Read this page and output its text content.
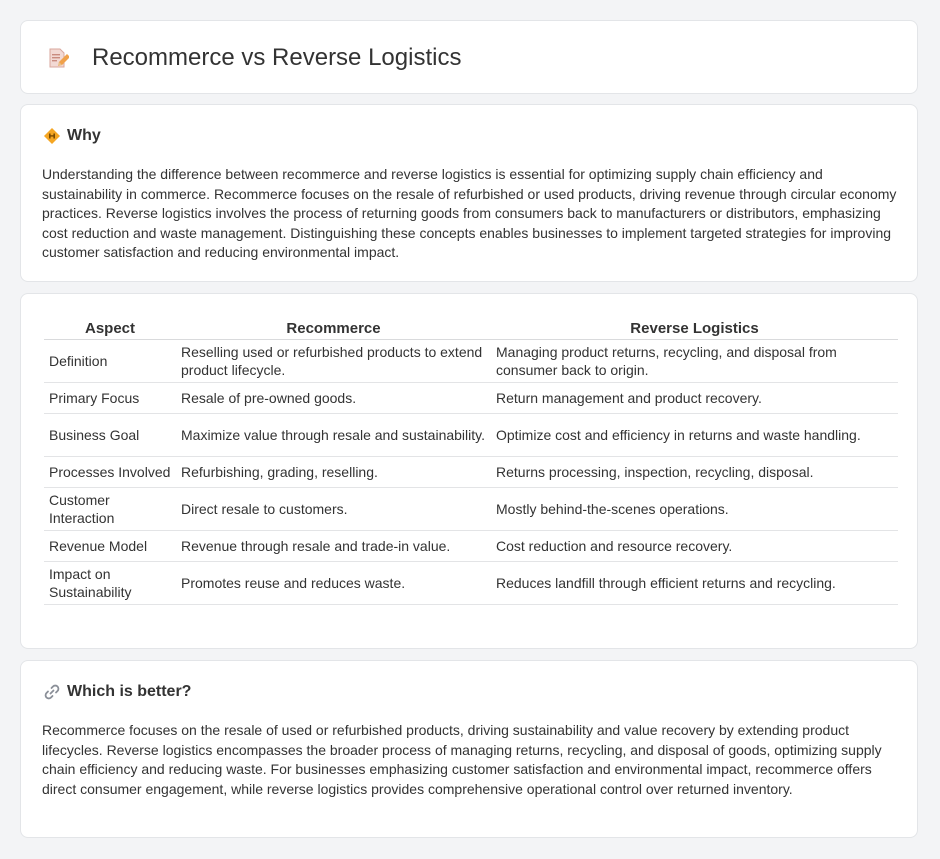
Recommerce vs Reverse Logistics
Why
Understanding the difference between recommerce and reverse logistics is essential for optimizing supply chain efficiency and sustainability in commerce. Recommerce focuses on the resale of refurbished or used products, driving revenue through circular economy practices. Reverse logistics involves the process of returning goods from consumers back to manufacturers or distributors, emphasizing cost reduction and waste management. Distinguishing these concepts enables businesses to implement targeted strategies for improving customer satisfaction and reducing environmental impact.
Aspect	Recommerce	Reverse Logistics
Definition	Reselling used or refurbished products to extend product lifecycle.	Managing product returns, recycling, and disposal from consumer back to origin.
Primary Focus	Resale of pre-owned goods.	Return management and product recovery.
Business Goal	Maximize value through resale and sustainability.	Optimize cost and efficiency in returns and waste handling.
Processes Involved	Refurbishing, grading, reselling.	Returns processing, inspection, recycling, disposal.
Customer Interaction	Direct resale to customers.	Mostly behind-the-scenes operations.
Revenue Model	Revenue through resale and trade-in value.	Cost reduction and resource recovery.
Impact on Sustainability	Promotes reuse and reduces waste.	Reduces landfill through efficient returns and recycling.
Which is better?
Recommerce focuses on the resale of used or refurbished products, driving sustainability and value recovery by extending product lifecycles. Reverse logistics encompasses the broader process of managing returns, recycling, and disposal of goods, optimizing supply chain efficiency and reducing waste. For businesses emphasizing customer satisfaction and environmental impact, recommerce offers direct consumer engagement, while reverse logistics provides comprehensive operational control over returned inventory.
